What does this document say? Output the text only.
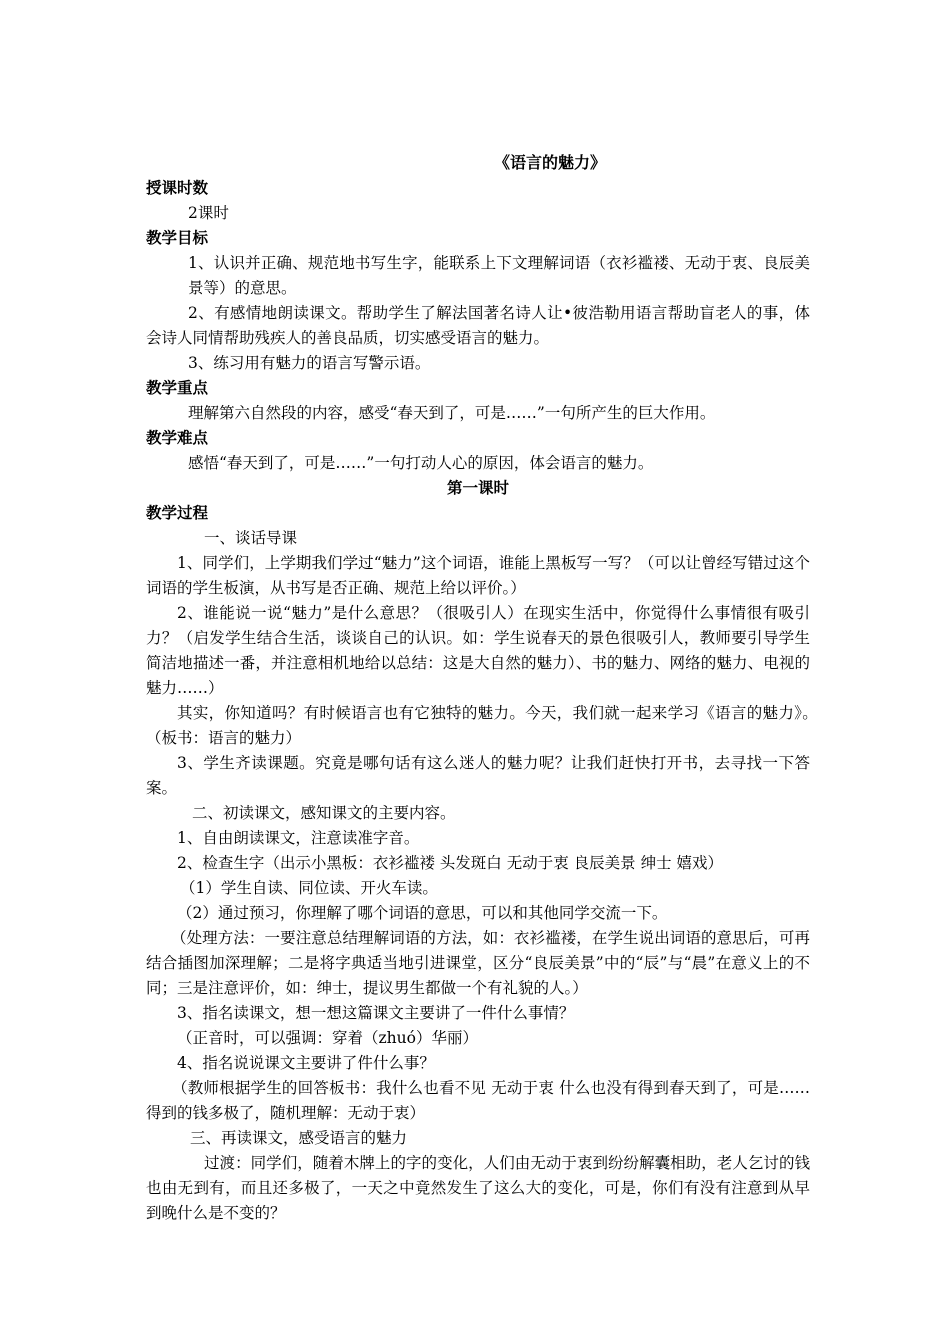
《语言的魅力》
授课时数
2课时
教学目标
1、认识并正确、规范地书写生字，能联系上下文理解词语（衣衫褴褛、无动于衷、良辰美景等）的意思。
2、有感情地朗读课文。帮助学生了解法国著名诗人让•彼浩勒用语言帮助盲老人的事，体会诗人同情帮助残疾人的善良品质，切实感受语言的魅力。
3、练习用有魅力的语言写警示语。
教学重点
理解第六自然段的内容，感受“春天到了，可是……”一句所产生的巨大作用。
教学难点
感悟“春天到了，可是……”一句打动人心的原因，体会语言的魅力。
第一课时
教学过程
一、谈话导课
1、同学们，上学期我们学过“魅力”这个词语，谁能上黑板写一写？（可以让曾经写错过这个词语的学生板演，从书写是否正确、规范上给以评价。）
2、谁能说一说“魅力”是什么意思？（很吸引人）在现实生活中，你觉得什么事情很有吸引力？（启发学生结合生活，谈谈自己的认识。如：学生说春天的景色很吸引人，教师要引导学生简洁地描述一番，并注意相机地给以总结：这是大自然的魅力）、书的魅力、网络的魅力、电视的魅力……）
其实，你知道吗？有时候语言也有它独特的魅力。今天，我们就一起来学习《语言的魅力》。　　（板书：语言的魅力）
3、学生齐读课题。究竟是哪句话有这么迷人的魅力呢？让我们赶快打开书，去寻找一下答案。
二、初读课文，感知课文的主要内容。
1、自由朗读课文，注意读准字音。
2、检查生字（出示小黑板：衣衫褴褛 头发斑白 无动于衷 良辰美景 绅士 嬉戏）
（1）学生自读、同位读、开火车读。
（2）通过预习，你理解了哪个词语的意思，可以和其他同学交流一下。
（处理方法：一要注意总结理解词语的方法，如：衣衫褴褛，在学生说出词语的意思后，可再结合插图加深理解；二是将字典适当地引进课堂，区分“良辰美景”中的“辰”与“晨”在意义上的不同；三是注意评价，如：绅士，提议男生都做一个有礼貌的人。）
3、指名读课文，想一想这篇课文主要讲了一件什么事情？
（正音时，可以强调：穿着（zhuó）华丽）
4、指名说说课文主要讲了件什么事？
（教师根据学生的回答板书：我什么也看不见 无动于衷 什么也没有得到春天到了，可是…… 得到的钱多极了，随机理解：无动于衷）
三、再读课文，感受语言的魅力
过渡：同学们，随着木牌上的字的变化，人们由无动于衷到纷纷解囊相助，老人乞讨的钱也由无到有，而且还多极了，一天之中竟然发生了这么大的变化，可是，你们有没有注意到从早到晚什么是不变的？
